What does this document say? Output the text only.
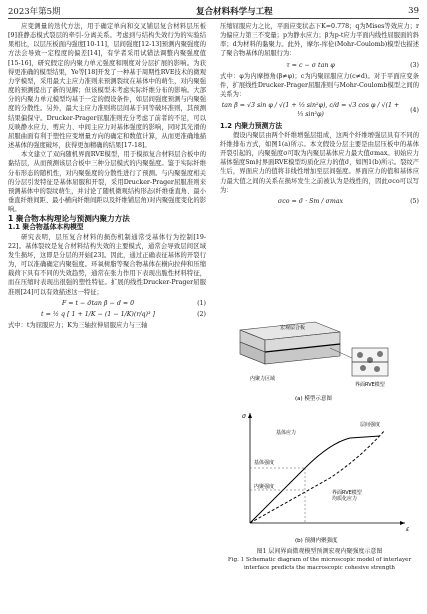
2023年第5期	复合材料科学与工程	39

应变测量的迭代方法，用于确定单向和交叉铺层复合材料层压板[9]准静态模式裂层的牵引-分离关系。考虑到与结构失效行为的实验结果相比，以层压板面内强度[10-11]，层间强度[12-13]预测内聚强度的方法会导致一定程度的偏差[14]，有学者采用试错法调整内聚强度值[15-16]，研究假定的内聚力单元强度和刚度对分层扩展的影响。为获得更准确的模型结果，Ye等[18]开发了一种基于周期性RVE技术的微观力学模型，采用最大主应力准则来预测裂纹在基体中的萌生，对内聚强度的预测提出了新的见解；但该模型未考虑实际纤维分布的影响。大部分的内聚力单元模型均基于一定的假设条件，如层间强度预测与内聚强度的分散性。另外，最大主应力准则将层间基于同等破坏准则，其预测结果偏保守。Drucker-Prager屈服准则充分考虑了前者的不足，可以反映静水应力、剪应力、中间主应力对基体强度的影响，同时其光滑的屈服曲面有利于塑性应变增量方向的确定和数值计算，从而更准确地描述基体的强度破坏，获得更加精确的结果[17-18]。

本文建立了双向随机界面RVE模型，用于模拟复合材料层合板中的黏结层，从而预测该层合板中三种分层模式的内聚强度。鉴于实际纤维分布形态的随机性，对内聚强度的分散性进行了预测。与内聚强度相关的分层引发特征是基体屈服和开裂，采用Drucker-Prager屈服准则来预测基体中的裂纹萌生，并讨论了随机微观结构形态(纤维垂直角、最小垂直纤维间距、最小横向纤维间距以及纤维铺层角)对内聚强度变化的影响。

1 聚合物本构理论与预测内聚力方法

1.1 聚合物基体本构模型

研究表明，层压复合材料的损伤机制通常受基体行为控制[19-22]。基体裂纹是复合材料结构失效的主要模式，通常会导致层间区域发生损坏，这即是分层的开始[23]。因此，通过正确表征基体的开裂行为，可以准确确定内聚强度。环氧树脂等聚合物基体在横向拉伸和压缩载荷下具有不同的失效趋势，通常在张力作用下表现出脆性材料特征，而在压缩时表现出很强的塑性特征。扩展的线性Drucker-Prager屈服准则[24]可以有效描述这一特征；

F = t − σ̄tan β − d = 0	(1)
t = ½ q [ 1 + 1/K − (1 − 1/K)(r/q)³ ]	(2)

式中：t为屈服应力；K为三轴拉伸屈服应力与三轴

压缩屈服应力之比，平面应变状态下K=0.778；q为Mises等效应力；r为偏应力第三不变量；p为静水应力；β为p-t应力平面内线性屈服面的斜率；d为材料的黏聚力。此外，摩尔-库伦(Mohr-Coulomb)模型也描述了聚合物基体的屈服行为：

τ = c − σ tan φ	(3)

式中：φ为内摩擦角(β≠φ)；c为内聚屈服应力(c≠d)。对于平面应变条件，扩展线性Drucker-Prager屈服准则与Mohr-Coulomb模型之间的关系为：

tan β = √3 sin φ / √(1 + ⅓ sin²φ), c/d = √3 cos φ / √(1 + ⅓ sin²φ)
(4)

1.2 内聚力预测方法

假设内聚层由两个纤维增强层组成，这两个纤维增强层具有不同的纤维排布方式，如图1(a)所示。本文假设分层主要是由层压板中的基体开裂引起的，内聚强度σ可取为内聚层基体应力最大值σmax。初始应力基体强度Sm时界面RVE模型均质化应力的值σ̄，如图1(b)所示。裂纹产生后，界面应力的值将非线性增加至层间强度。界面应力的值和基体应力最大值之间的关系在损坏发生之前被认为是线性的，因此σco可以写为：

σco = σ̄ · Sm / σmax	(5)
宏观层合板
界面RVE模型
内聚力区域
(a) 模型示意图
σ
ε
基体应力
层间强度
基体强度
内聚强度
界面RVE模型均质化应力
(b) 预测内聚强度
图1 层间界面微观模型预测宏观内聚强度示意图
Fig. 1 Schematic diagram of the microscopic model of interlayer interface predicts the macroscopic cohesive strength
